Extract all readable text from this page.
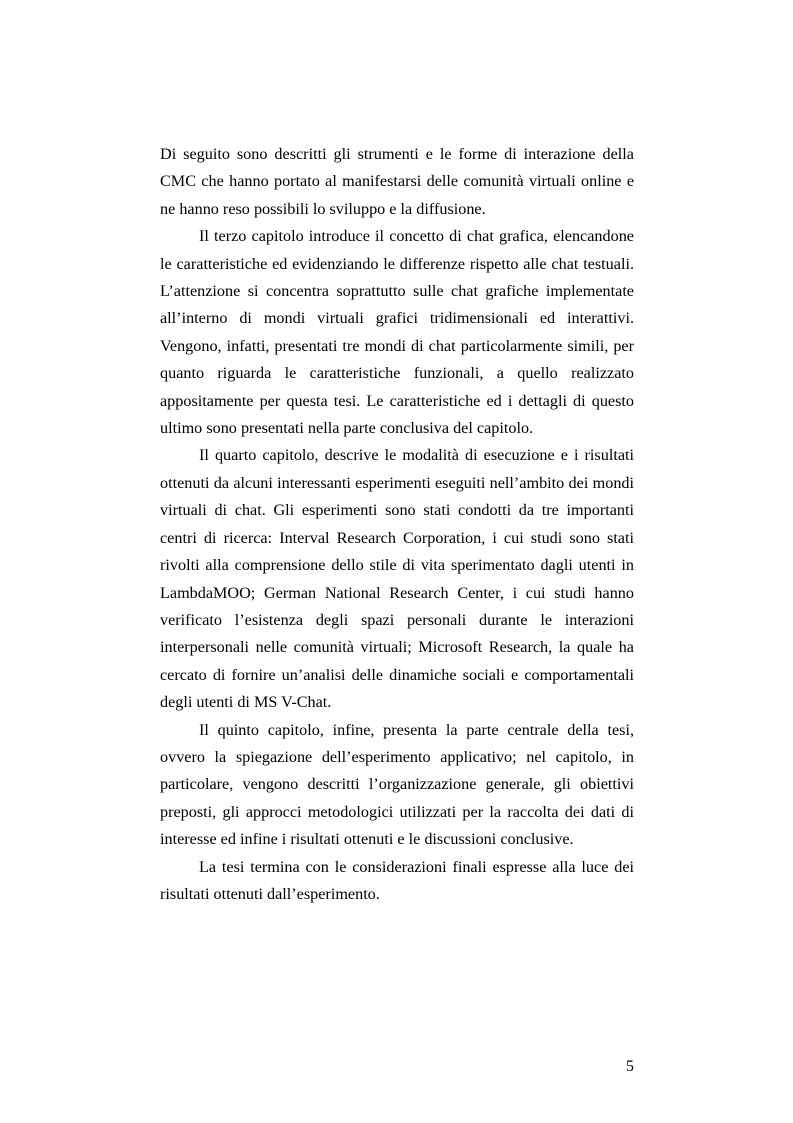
Di seguito sono descritti gli strumenti e le forme di interazione della CMC che hanno portato al manifestarsi delle comunità virtuali online e ne hanno reso possibili lo sviluppo e la diffusione.

Il terzo capitolo introduce il concetto di chat grafica, elencandone le caratteristiche ed evidenziando le differenze rispetto alle chat testuali. L’attenzione si concentra soprattutto sulle chat grafiche implementate all’interno di mondi virtuali grafici tridimensionali ed interattivi. Vengono, infatti, presentati tre mondi di chat particolarmente simili, per quanto riguarda le caratteristiche funzionali, a quello realizzato appositamente per questa tesi. Le caratteristiche ed i dettagli di questo ultimo sono presentati nella parte conclusiva del capitolo.

Il quarto capitolo, descrive le modalità di esecuzione e i risultati ottenuti da alcuni interessanti esperimenti eseguiti nell’ambito dei mondi virtuali di chat. Gli esperimenti sono stati condotti da tre importanti centri di ricerca: Interval Research Corporation, i cui studi sono stati rivolti alla comprensione dello stile di vita sperimentato dagli utenti in LambdaMOO; German National Research Center, i cui studi hanno verificato l’esistenza degli spazi personali durante le interazioni interpersonali nelle comunità virtuali; Microsoft Research, la quale ha cercato di fornire un’analisi delle dinamiche sociali e comportamentali degli utenti di MS V-Chat.

Il quinto capitolo, infine, presenta la parte centrale della tesi, ovvero la spiegazione dell’esperimento applicativo; nel capitolo, in particolare, vengono descritti l’organizzazione generale, gli obiettivi preposti, gli approcci metodologici utilizzati per la raccolta dei dati di interesse ed infine i risultati ottenuti e le discussioni conclusive.

La tesi termina con le considerazioni finali espresse alla luce dei risultati ottenuti dall’esperimento.

5
